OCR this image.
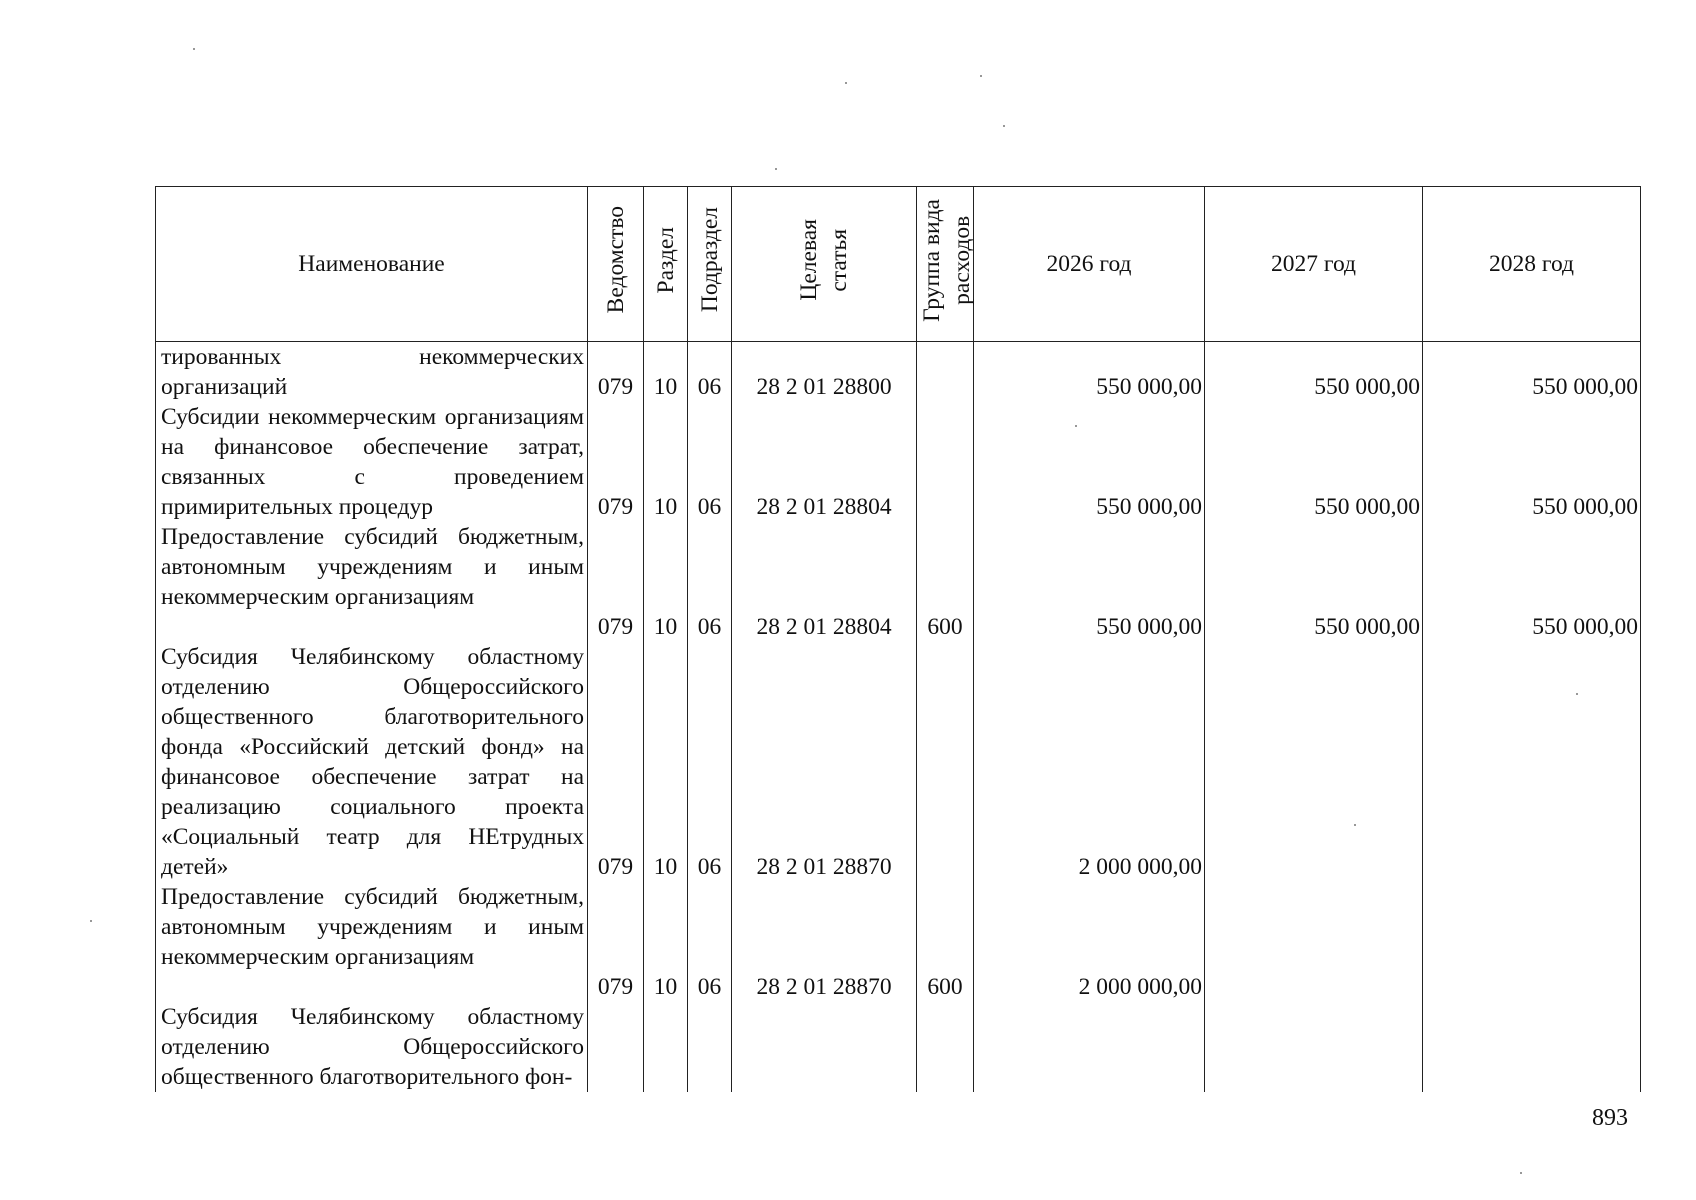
Наименование	Ведомство	Раздел	Подраздел	Целевая статья	Группа вида расходов	2026 год	2027 год	2028 год
тированных некоммерческих организаций	079	10	06	28 2 01 28800		550 000,00	550 000,00	550 000,00

Субсидии некоммерческим организациям на финансовое обеспечение затрат, связанных с проведением примирительных процедур	079	10	06	28 2 01 28804		550 000,00	550 000,00	550 000,00

Предоставление субсидий бюджетным, автономным учреждениям и иным некоммерческим организациям	079	10	06	28 2 01 28804	600	550 000,00	550 000,00	550 000,00

Субсидия Челябинскому областному отделению Общероссийского общественного благотворительного фонда «Российский детский фонд» на финансовое обеспечение затрат на реализацию социального проекта «Социальный театр для НЕтрудных детей»	079	10	06	28 2 01 28870		2 000 000,00		

Предоставление субсидий бюджетным, автономным учреждениям и иным некоммерческим организациям	079	10	06	28 2 01 28870	600	2 000 000,00		

Субсидия Челябинскому областному отделению Общероссийского общественного благотворительного фон-	

893
